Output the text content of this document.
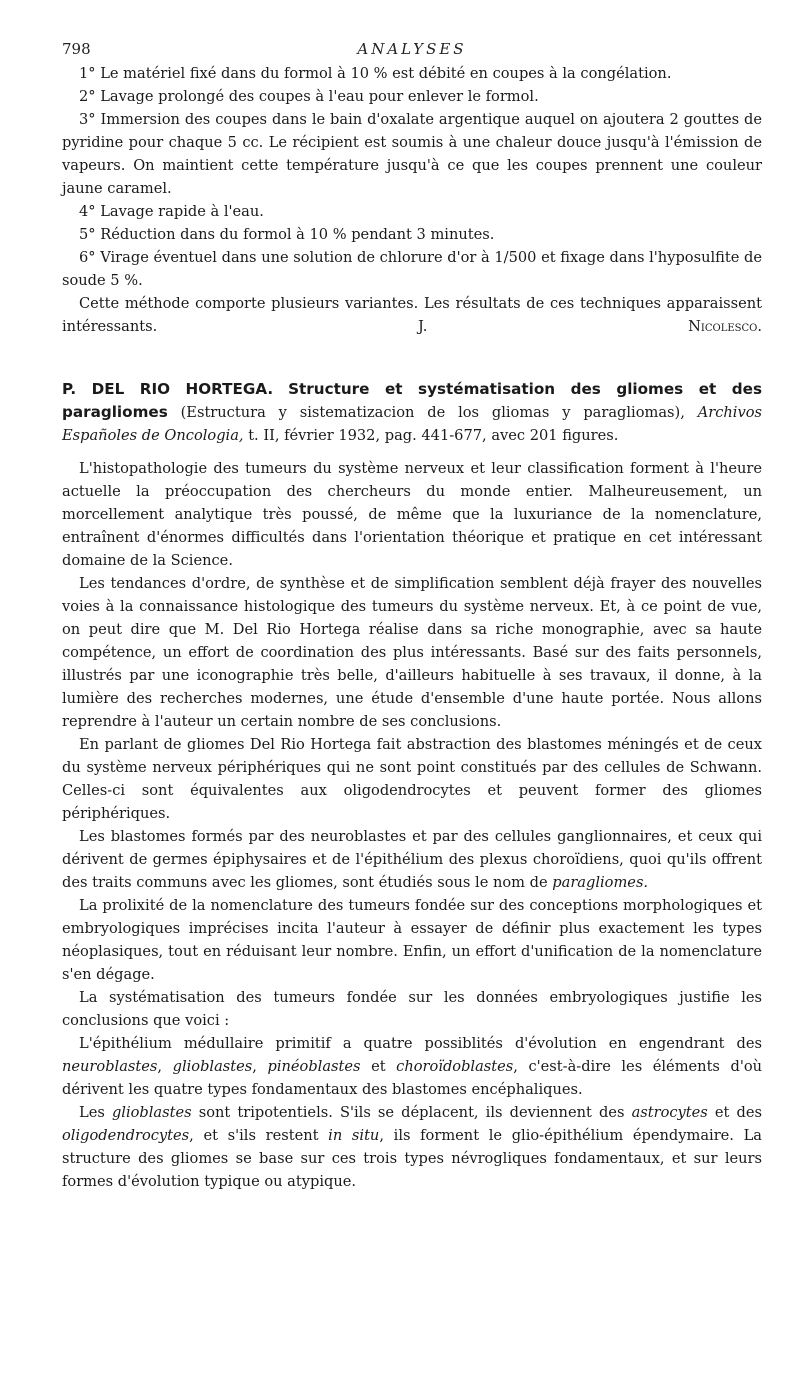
798	ANALYSES

1° Le matériel fixé dans du formol à 10 % est débité en coupes à la congélation.

2° Lavage prolongé des coupes à l'eau pour enlever le formol.

3° Immersion des coupes dans le bain d'oxalate argentique auquel on ajoutera 2 gouttes de pyridine pour chaque 5 cc. Le récipient est soumis à une chaleur douce jusqu'à l'émission de vapeurs. On maintient cette température jusqu'à ce que les coupes prennent une couleur jaune caramel.

4° Lavage rapide à l'eau.

5° Réduction dans du formol à 10 % pendant 3 minutes.

6° Virage éventuel dans une solution de chlorure d'or à 1/500 et fixage dans l'hyposulfite de soude 5 %.

Cette méthode comporte plusieurs variantes. Les résultats de ces techniques apparaissent intéressants.	J. Nicolesco.

P. DEL RIO HORTEGA. Structure et systématisation des gliomes et des paragliomes (Estructura y sistematizacion de los gliomas y paragliomas), Archivos Españoles de Oncologia, t. II, février 1932, pag. 441-677, avec 201 figures.

L'histopathologie des tumeurs du système nerveux et leur classification forment à l'heure actuelle la préoccupation des chercheurs du monde entier. Malheureusement, un morcellement analytique très poussé, de même que la luxuriance de la nomenclature, entraînent d'énormes difficultés dans l'orientation théorique et pratique en cet intéressant domaine de la Science.

Les tendances d'ordre, de synthèse et de simplification semblent déjà frayer des nouvelles voies à la connaissance histologique des tumeurs du système nerveux. Et, à ce point de vue, on peut dire que M. Del Rio Hortega réalise dans sa riche monographie, avec sa haute compétence, un effort de coordination des plus intéressants. Basé sur des faits personnels, illustrés par une iconographie très belle, d'ailleurs habituelle à ses travaux, il donne, à la lumière des recherches modernes, une étude d'ensemble d'une haute portée. Nous allons reprendre à l'auteur un certain nombre de ses conclusions.

En parlant de gliomes Del Rio Hortega fait abstraction des blastomes méningés et de ceux du système nerveux périphériques qui ne sont point constitués par des cellules de Schwann. Celles-ci sont équivalentes aux oligodendrocytes et peuvent former des gliomes périphériques.

Les blastomes formés par des neuroblastes et par des cellules ganglionnaires, et ceux qui dérivent de germes épiphysaires et de l'épithélium des plexus choroïdiens, quoi qu'ils offrent des traits communs avec les gliomes, sont étudiés sous le nom de paragliomes.

La prolixité de la nomenclature des tumeurs fondée sur des conceptions morphologiques et embryologiques imprécises incita l'auteur à essayer de définir plus exactement les types néoplasiques, tout en réduisant leur nombre. Enfin, un effort d'unification de la nomenclature s'en dégage.

La systématisation des tumeurs fondée sur les données embryologiques justifie les conclusions que voici :

L'épithélium médullaire primitif a quatre possiblités d'évolution en engendrant des neuroblastes, glioblastes, pinéoblastes et choroïdoblastes, c'est-à-dire les éléments d'où dérivent les quatre types fondamentaux des blastomes encéphaliques.

Les glioblastes sont tripotentiels. S'ils se déplacent, ils deviennent des astrocytes et des oligodendrocytes, et s'ils restent in situ, ils forment le glio-épithélium épendymaire. La structure des gliomes se base sur ces trois types névrogliques fondamentaux, et sur leurs formes d'évolution typique ou atypique.
